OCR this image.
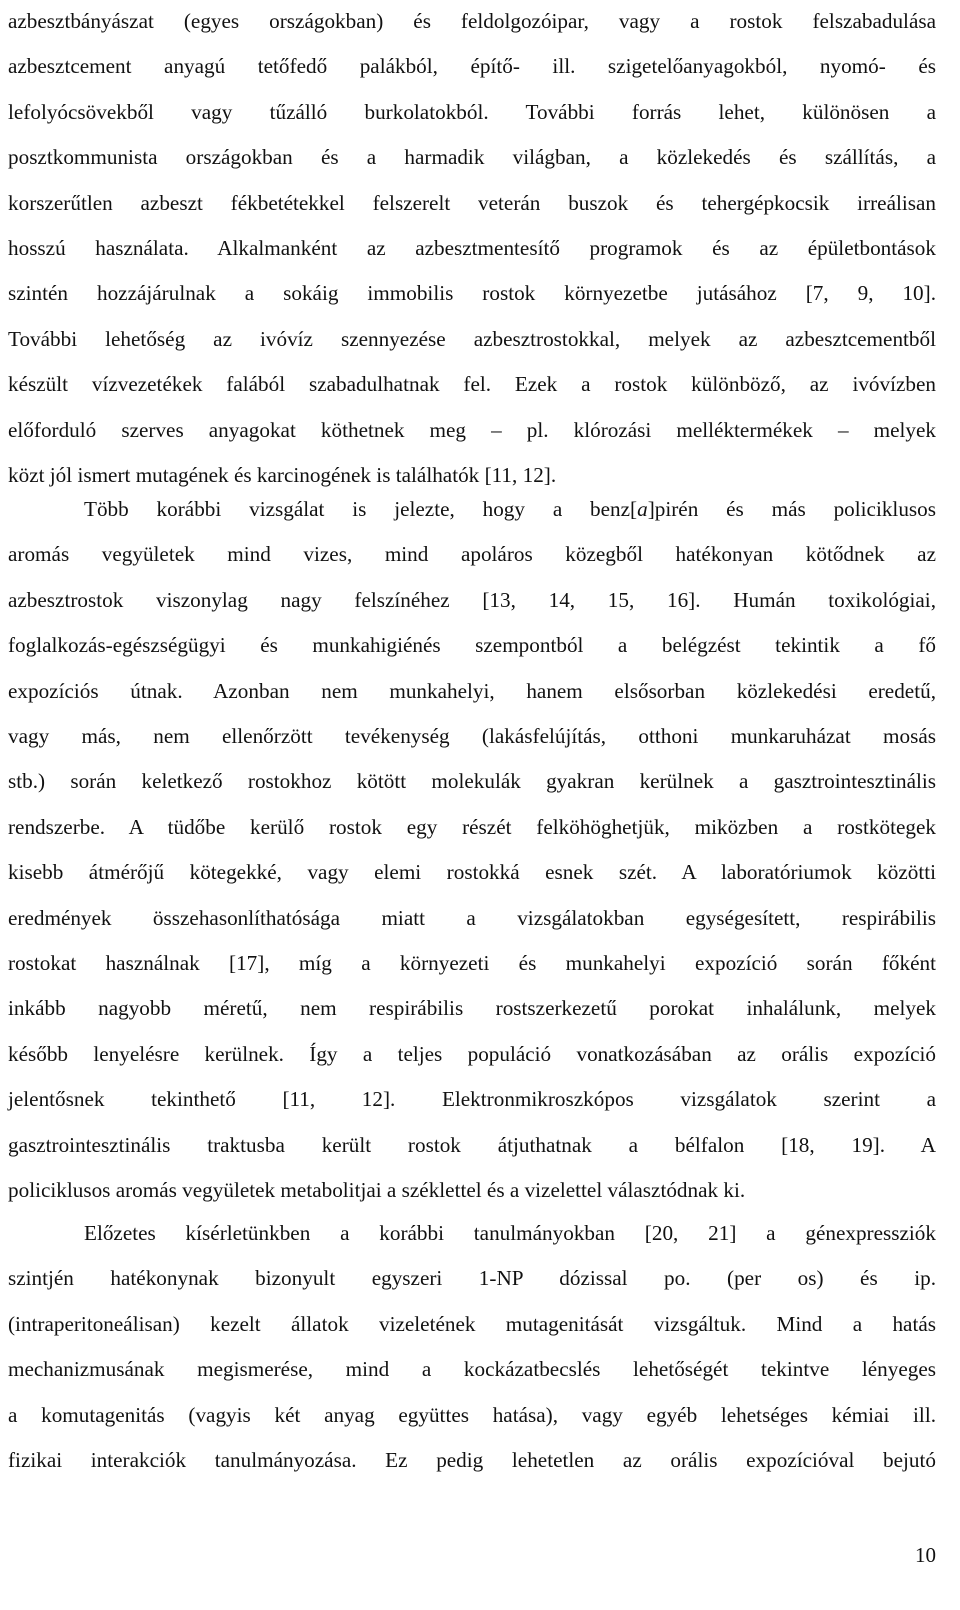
azbesztbányászat (egyes országokban) és feldolgozóipar, vagy a rostok felszabadulása
azbesztcement anyagú tetőfedő palákból, építő- ill. szigetelőanyagokból, nyomó- és
lefolyócsövekből vagy tűzálló burkolatokból. További forrás lehet, különösen a
posztkommunista országokban és a harmadik világban, a közlekedés és szállítás, a
korszerűtlen azbeszt fékbetétekkel felszerelt veterán buszok és tehergépkocsik irreálisan
hosszú használata. Alkalmanként az azbesztmentesítő programok és az épületbontások
szintén hozzájárulnak a sokáig immobilis rostok környezetbe jutásához [7, 9, 10].
További lehetőség az ivóvíz szennyezése azbesztrostokkal, melyek az azbesztcementből
készült vízvezetékek falából szabadulhatnak fel. Ezek a rostok különböző, az ivóvízben
előforduló szerves anyagokat köthetnek meg – pl. klórozási melléktermékek – melyek
közt jól ismert mutagének és karcinogének is találhatók [11, 12].
Több korábbi vizsgálat is jelezte, hogy a benz[a]pirén és más policiklusos
aromás vegyületek mind vizes, mind apoláros közegből hatékonyan kötődnek az
azbesztrostok viszonylag nagy felszínéhez [13, 14, 15, 16]. Humán toxikológiai,
foglalkozás-egészségügyi és munkahigiénés szempontból a belégzést tekintik a fő
expozíciós útnak. Azonban nem munkahelyi, hanem elsősorban közlekedési eredetű,
vagy más, nem ellenőrzött tevékenység (lakásfelújítás, otthoni munkaruházat mosás
stb.) során keletkező rostokhoz kötött molekulák gyakran kerülnek a gasztrointesztinális
rendszerbe. A tüdőbe kerülő rostok egy részét felköhöghetjük, miközben a rostkötegek
kisebb átmérőjű kötegekké, vagy elemi rostokká esnek szét. A laboratóriumok közötti
eredmények összehasonlíthatósága miatt a vizsgálatokban egységesített, respirábilis
rostokat használnak [17], míg a környezeti és munkahelyi expozíció során főként
inkább nagyobb méretű, nem respirábilis rostszerkezetű porokat inhalálunk, melyek
később lenyelésre kerülnek. Így a teljes populáció vonatkozásában az orális expozíció
jelentősnek tekinthető [11, 12]. Elektronmikroszkópos vizsgálatok szerint a
gasztrointesztinális traktusba került rostok átjuthatnak a bélfalon [18, 19]. A
policiklusos aromás vegyületek metabolitjai a széklettel és a vizelettel választódnak ki.
Előzetes kísérletünkben a korábbi tanulmányokban [20, 21] a génexpressziók
szintjén hatékonynak bizonyult egyszeri 1-NP dózissal po. (per os) és ip.
(intraperitoneálisan) kezelt állatok vizeletének mutagenitását vizsgáltuk. Mind a hatás
mechanizmusának megismerése, mind a kockázatbecslés lehetőségét tekintve lényeges
a komutagenitás (vagyis két anyag együttes hatása), vagy egyéb lehetséges kémiai ill.
fizikai interakciók tanulmányozása. Ez pedig lehetetlen az orális expozícióval bejutó
10
